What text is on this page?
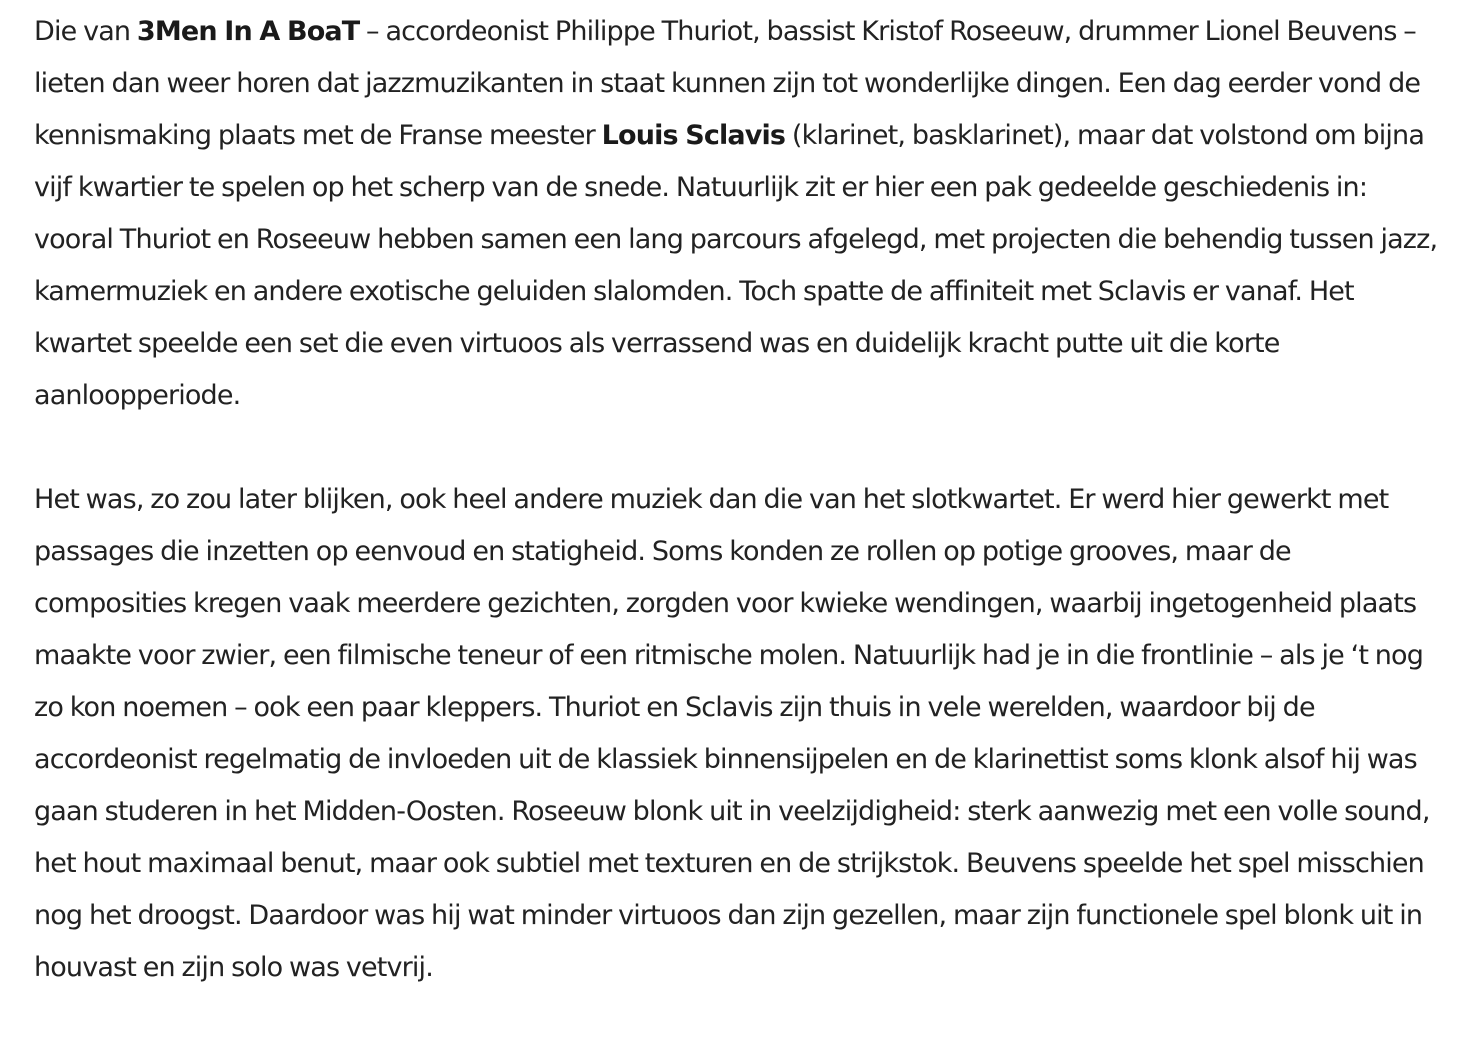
Die van 3Men In A BoaT – accordeonist Philippe Thuriot, bassist Kristof Roseeuw, drummer Lionel Beuvens – lieten dan weer horen dat jazzmuzikanten in staat kunnen zijn tot wonderlijke dingen. Een dag eerder vond de kennismaking plaats met de Franse meester Louis Sclavis (klarinet, basklarinet), maar dat volstond om bijna vijf kwartier te spelen op het scherp van de snede. Natuurlijk zit er hier een pak gedeelde geschiedenis in: vooral Thuriot en Roseeuw hebben samen een lang parcours afgelegd, met projecten die behendig tussen jazz, kamermuziek en andere exotische geluiden slalomden. Toch spatte de affiniteit met Sclavis er vanaf. Het kwartet speelde een set die even virtuoos als verrassend was en duidelijk kracht putte uit die korte aanloopperiode.

Het was, zo zou later blijken, ook heel andere muziek dan die van het slotkwartet. Er werd hier gewerkt met passages die inzetten op eenvoud en statigheid. Soms konden ze rollen op potige grooves, maar de composities kregen vaak meerdere gezichten, zorgden voor kwieke wendingen, waarbij ingetogenheid plaats maakte voor zwier, een filmische teneur of een ritmische molen. Natuurlijk had je in die frontlinie – als je ‘t nog zo kon noemen – ook een paar kleppers. Thuriot en Sclavis zijn thuis in vele werelden, waardoor bij de accordeonist regelmatig de invloeden uit de klassiek binnensijpelen en de klarinettist soms klonk alsof hij was gaan studeren in het Midden-Oosten. Roseeuw blonk uit in veelzijdigheid: sterk aanwezig met een volle sound, het hout maximaal benut, maar ook subtiel met texturen en de strijkstok. Beuvens speelde het spel misschien nog het droogst. Daardoor was hij wat minder virtuoos dan zijn gezellen, maar zijn functionele spel blonk uit in houvast en zijn solo was vetvrij.
